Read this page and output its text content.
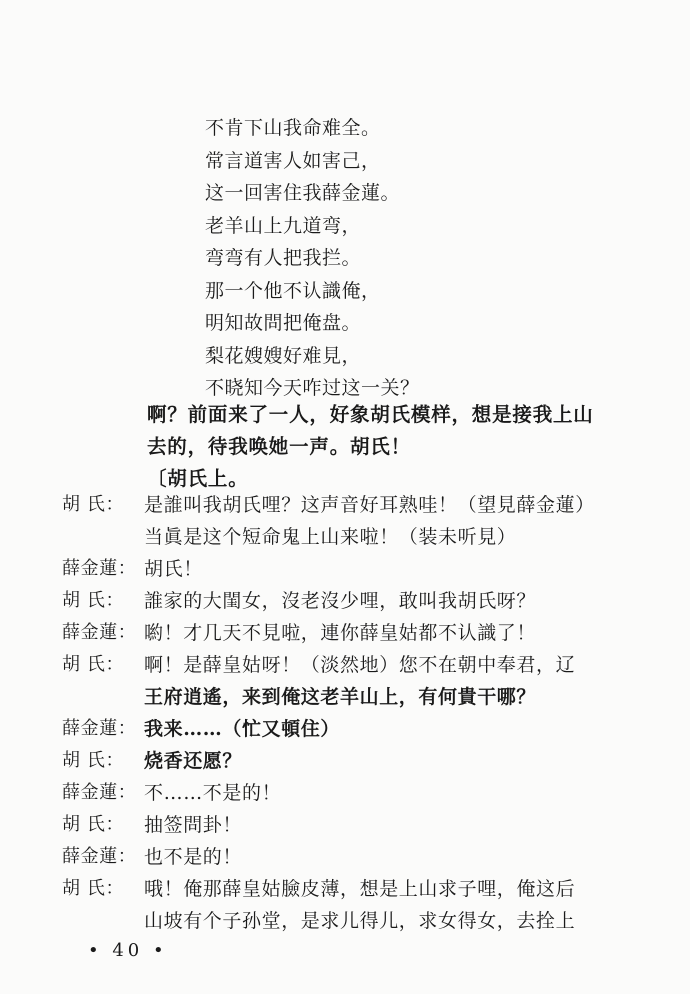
不肯下山我命难全。
常言道害人如害己，
这一回害住我薛金蓮。
老羊山上九道弯，
弯弯有人把我拦。
那一个他不认識俺，
明知故問把俺盘。
梨花嫂嫂好难見，
不晓知今天咋过这一关？
啊？前面来了一人，好象胡氏模样，想是接我上山
去的，待我唤她一声。胡氏！
〔胡氏上。
胡 氏：	是誰叫我胡氏哩？这声音好耳熟哇！（望見薛金蓮）
当眞是这个短命鬼上山来啦！（装未听見）
薛金蓮： 胡氏！
胡 氏：	誰家的大閨女，沒老沒少哩，敢叫我胡氏呀？
薛金蓮： 喲！才几天不見啦，連你薛皇姑都不认識了！
胡 氏：	啊！是薛皇姑呀！（淡然地）您不在朝中奉君，辽
王府逍遙，来到俺这老羊山上，有何貴干哪？
薛金蓮： 我来……（忙又頓住）
胡 氏：	烧香还愿？
薛金蓮： 不……不是的！
胡 氏：	抽签問卦！
薛金蓮： 也不是的！
胡 氏：	哦！俺那薛皇姑臉皮薄，想是上山求子哩，俺这后
山坡有个子孙堂，是求儿得儿，求女得女，去拴上
• 40 •
